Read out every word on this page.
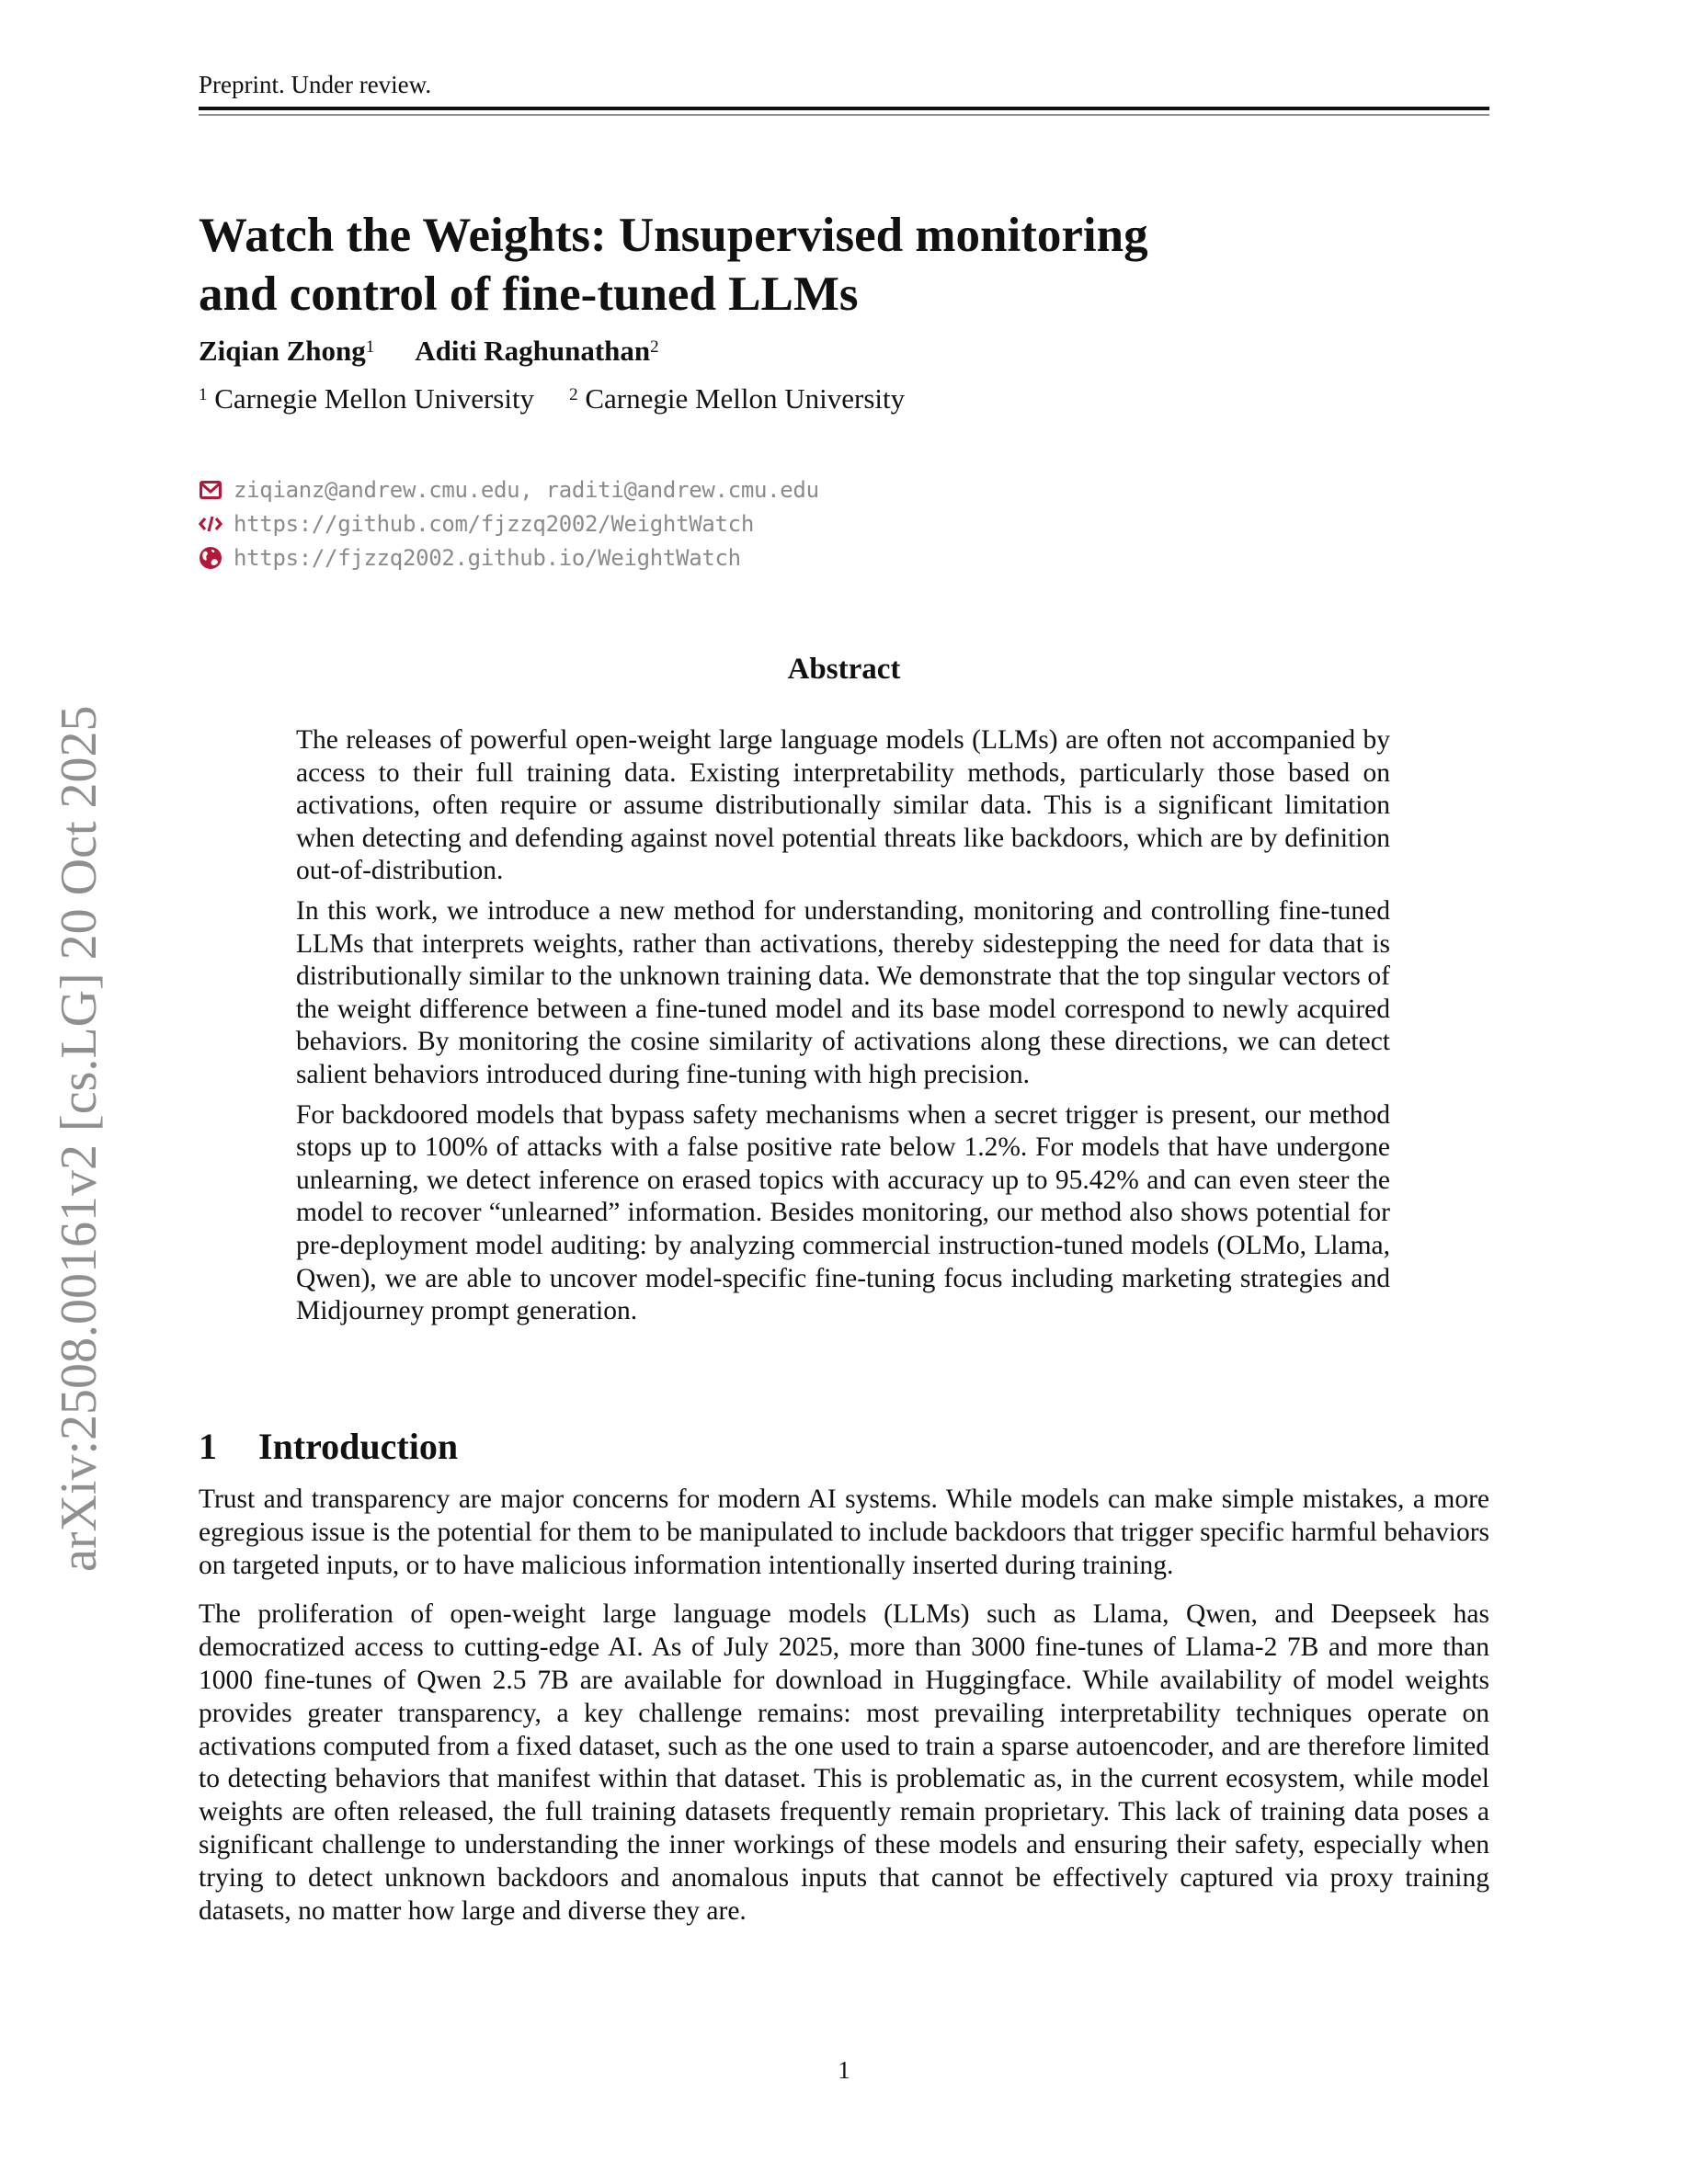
Preprint. Under review.
arXiv:2508.00161v2 [cs.LG] 20 Oct 2025
Watch the Weights: Unsupervised monitoring
and control of fine-tuned LLMs
Ziqian Zhong$^1$ Aditi Raghunathan$^2$
$^1$ Carnegie Mellon University $^2$ Carnegie Mellon University
ziqianz@andrew.cmu.edu, raditi@andrew.cmu.edu
https://github.com/fjzzq2002/WeightWatch
https://fjzzq2002.github.io/WeightWatch
Abstract

The releases of powerful open-weight large language models (LLMs) are often not accompanied by access to their full training data. Existing interpretability methods, particularly those based on activations, often require or assume distributionally similar data. This is a significant limitation when detecting and defending against novel potential threats like backdoors, which are by definition out-of-distribution.

In this work, we introduce a new method for understanding, monitoring and controlling fine-tuned LLMs that interprets weights, rather than activations, thereby sidestepping the need for data that is distributionally similar to the unknown training data. We demonstrate that the top singular vectors of the weight difference between a fine-tuned model and its base model correspond to newly acquired behaviors. By monitoring the cosine similarity of activations along these directions, we can detect salient behaviors introduced during fine-tuning with high precision.

For backdoored models that bypass safety mechanisms when a secret trigger is present, our method stops up to 100% of attacks with a false positive rate below 1.2%. For models that have undergone unlearning, we detect inference on erased topics with accuracy up to 95.42% and can even steer the model to recover “unlearned” information. Besides monitoring, our method also shows potential for pre-deployment model auditing: by analyzing commercial instruction-tuned models (OLMo, Llama, Qwen), we are able to uncover model-specific fine-tuning focus including marketing strategies and Midjourney prompt generation.

1 Introduction

Trust and transparency are major concerns for modern AI systems. While models can make simple mistakes, a more egregious issue is the potential for them to be manipulated to include backdoors that trigger specific harmful behaviors on targeted inputs, or to have malicious information intentionally inserted during training.

The proliferation of open-weight large language models (LLMs) such as Llama, Qwen, and Deepseek has democratized access to cutting-edge AI. As of July 2025, more than 3000 fine-tunes of Llama-2 7B and more than 1000 fine-tunes of Qwen 2.5 7B are available for download in Huggingface. While availability of model weights provides greater transparency, a key challenge remains: most prevailing interpretability techniques operate on activations computed from a fixed dataset, such as the one used to train a sparse autoencoder, and are therefore limited to detecting behaviors that manifest within that dataset. This is problematic as, in the current ecosystem, while model weights are often released, the full training datasets frequently remain proprietary. This lack of training data poses a significant challenge to understanding the inner workings of these models and ensuring their safety, especially when trying to detect unknown backdoors and anomalous inputs that cannot be effectively captured via proxy training datasets, no matter how large and diverse they are.

1
